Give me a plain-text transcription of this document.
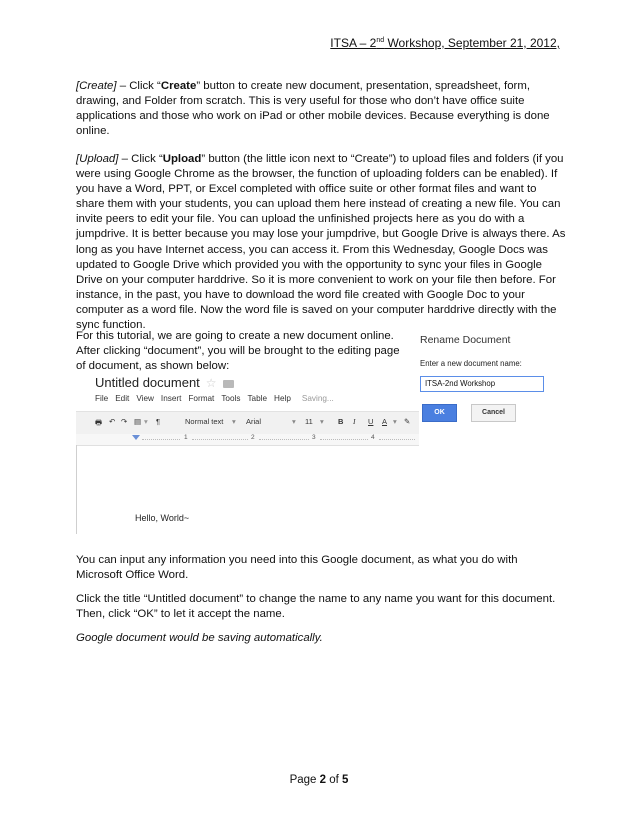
ITSA – 2nd Workshop, September 21, 2012,

[Create] – Click “Create” button to create new document, presentation, spreadsheet, form, drawing, and Folder from scratch. This is very useful for those who don’t have office suite applications and those who work on iPad or other mobile devices. Because everything is done online.

[Upload] – Click “Upload” button (the little icon next to “Create”) to upload files and folders (if you were using Google Chrome as the browser, the function of uploading folders can be enabled). If you have a Word, PPT, or Excel completed with office suite or other format files and want to share them with your students, you can upload them here instead of creating a new file. You can invite peers to edit your file. You can upload the unfinished projects here as you do with a jumpdrive. It is better because you may lose your jumpdrive, but Google Drive is always there. As long as you have Internet access, you can access it. From this Wednesday, Google Docs was updated to Google Drive which provided you with the opportunity to sync your files in Google Drive on your computer harddrive. So it is more convenient to work on your file then before. For instance, in the past, you have to download the word file created with Google Doc to your computer as a word file. Now the word file is saved on your computer harddrive directly with the sync function.

For this tutorial, we are going to create a new document online. After clicking “document”, you will be brought to the editing page of document, as shown below:

Rename Document
Enter a new document name:
ITSA-2nd Workshop
OK	Cancel
Untitled document ☆
File Edit View Insert Format Tools Table Help Saving...
🖶 ↶ ↷ ▤ ▾ ¶	Normal text ▾ Arial	▾ 11 ▾ B I U A ▾ ✎
1	2	3	4
Hello, World~

You can input any information you need into this Google document, as what you do with Microsoft Office Word.

Click the title “Untitled document” to change the name to any name you want for this document. Then, click “OK” to let it accept the name.

Google document would be saving automatically.

Page 2 of 5
